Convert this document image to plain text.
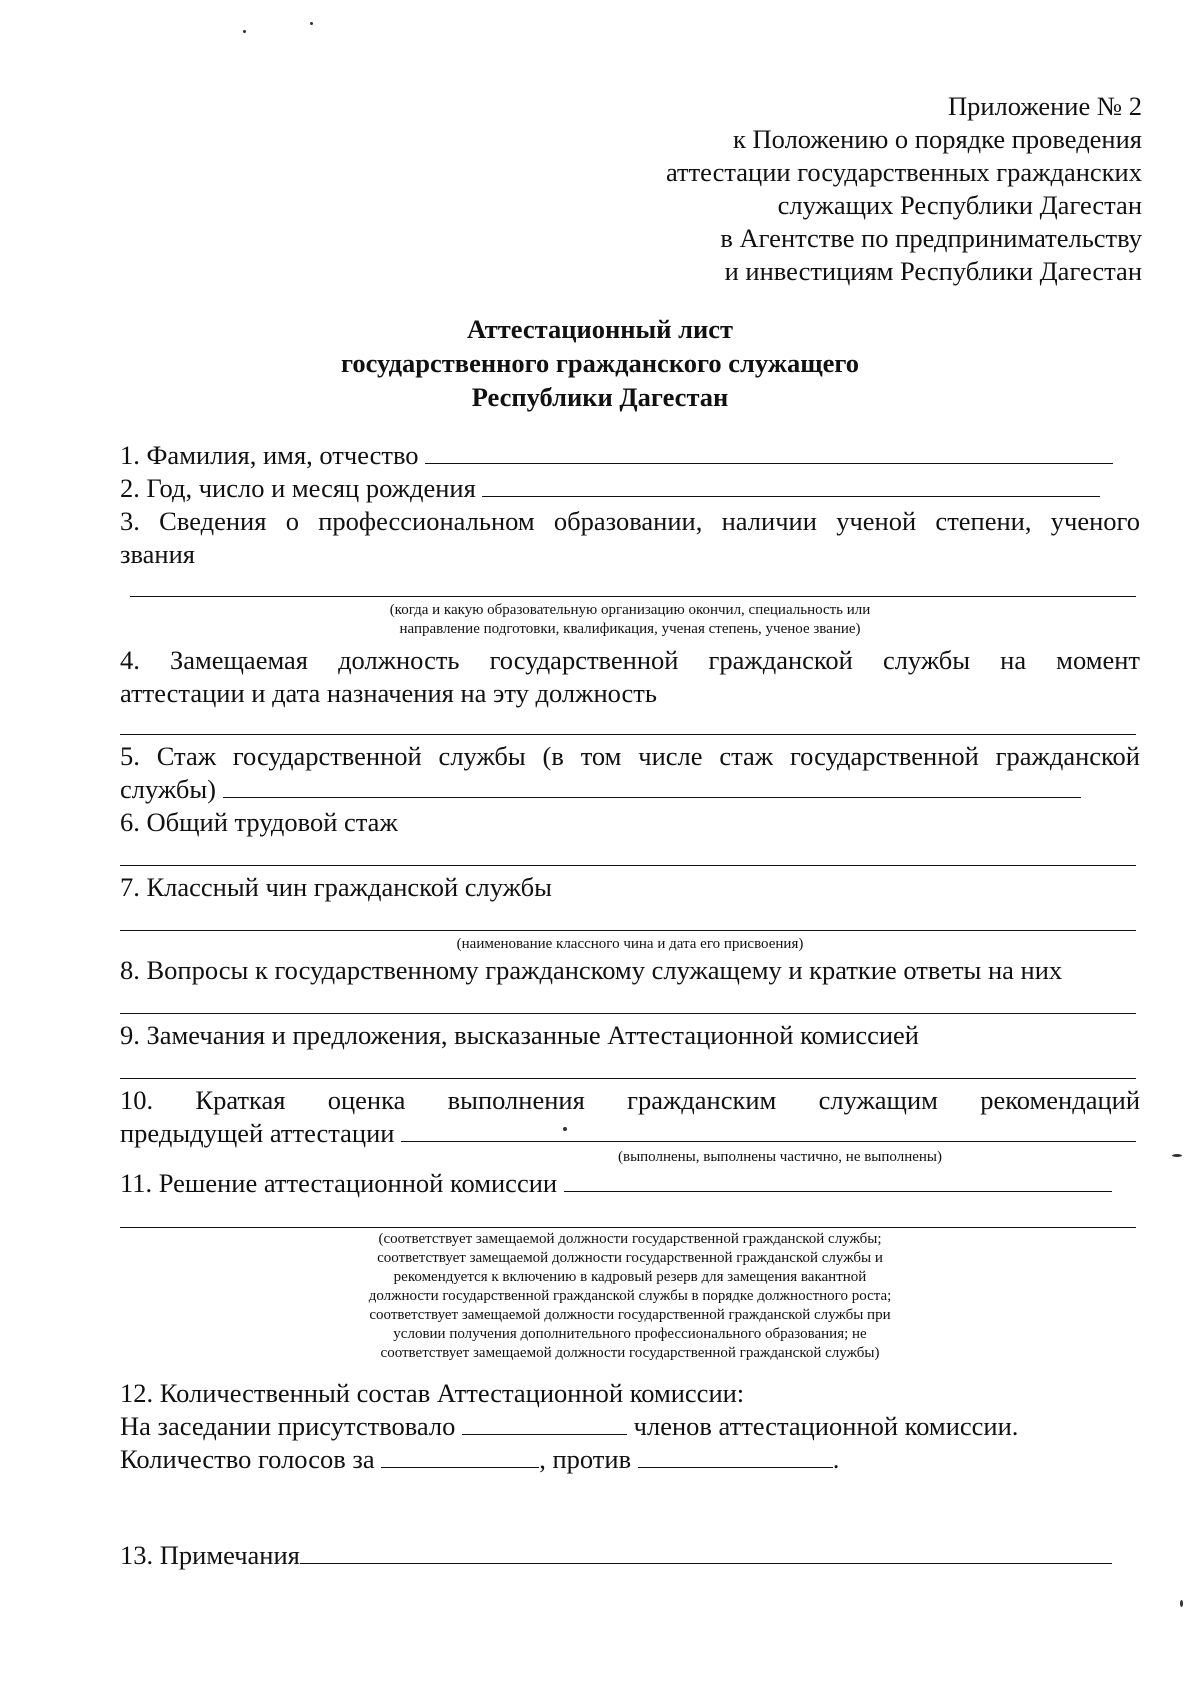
Приложение № 2
к Положению о порядке проведения
аттестации государственных гражданских
служащих Республики Дагестан
в Агентстве по предпринимательству
и инвестициям Республики Дагестан
Аттестационный лист
государственного гражданского служащего
Республики Дагестан
1. Фамилия, имя, отчество
2. Год, число и месяц рождения
3. Сведения о профессиональном образовании, наличии ученой степени, ученого
звания
(когда и какую образовательную организацию окончил, специальность или
направление подготовки, квалификация, ученая степень, ученое звание)
4. Замещаемая должность государственной гражданской службы на момент
аттестации и дата назначения на эту должность
5. Стаж государственной службы (в том числе стаж государственной гражданской
службы)
6. Общий трудовой стаж
7. Классный чин гражданской службы
(наименование классного чина и дата его присвоения)
8. Вопросы к государственному гражданскому служащему и краткие ответы на них
9. Замечания и предложения, высказанные Аттестационной комиссией
10. Краткая оценка выполнения гражданским служащим рекомендаций
предыдущей аттестации
(выполнены, выполнены частично, не выполнены)
11. Решение аттестационной комиссии
(соответствует замещаемой должности государственной гражданской службы;
соответствует замещаемой должности государственной гражданской службы и
рекомендуется к включению в кадровый резерв для замещения вакантной
должности государственной гражданской службы в порядке должностного роста;
соответствует замещаемой должности государственной гражданской службы при
условии получения дополнительного профессионального образования; не
соответствует замещаемой должности государственной гражданской службы)
12. Количественный состав Аттестационной комиссии:
На заседании присутствовало	членов аттестационной комиссии.
Количество голосов за	, против	.
13. Примечания
